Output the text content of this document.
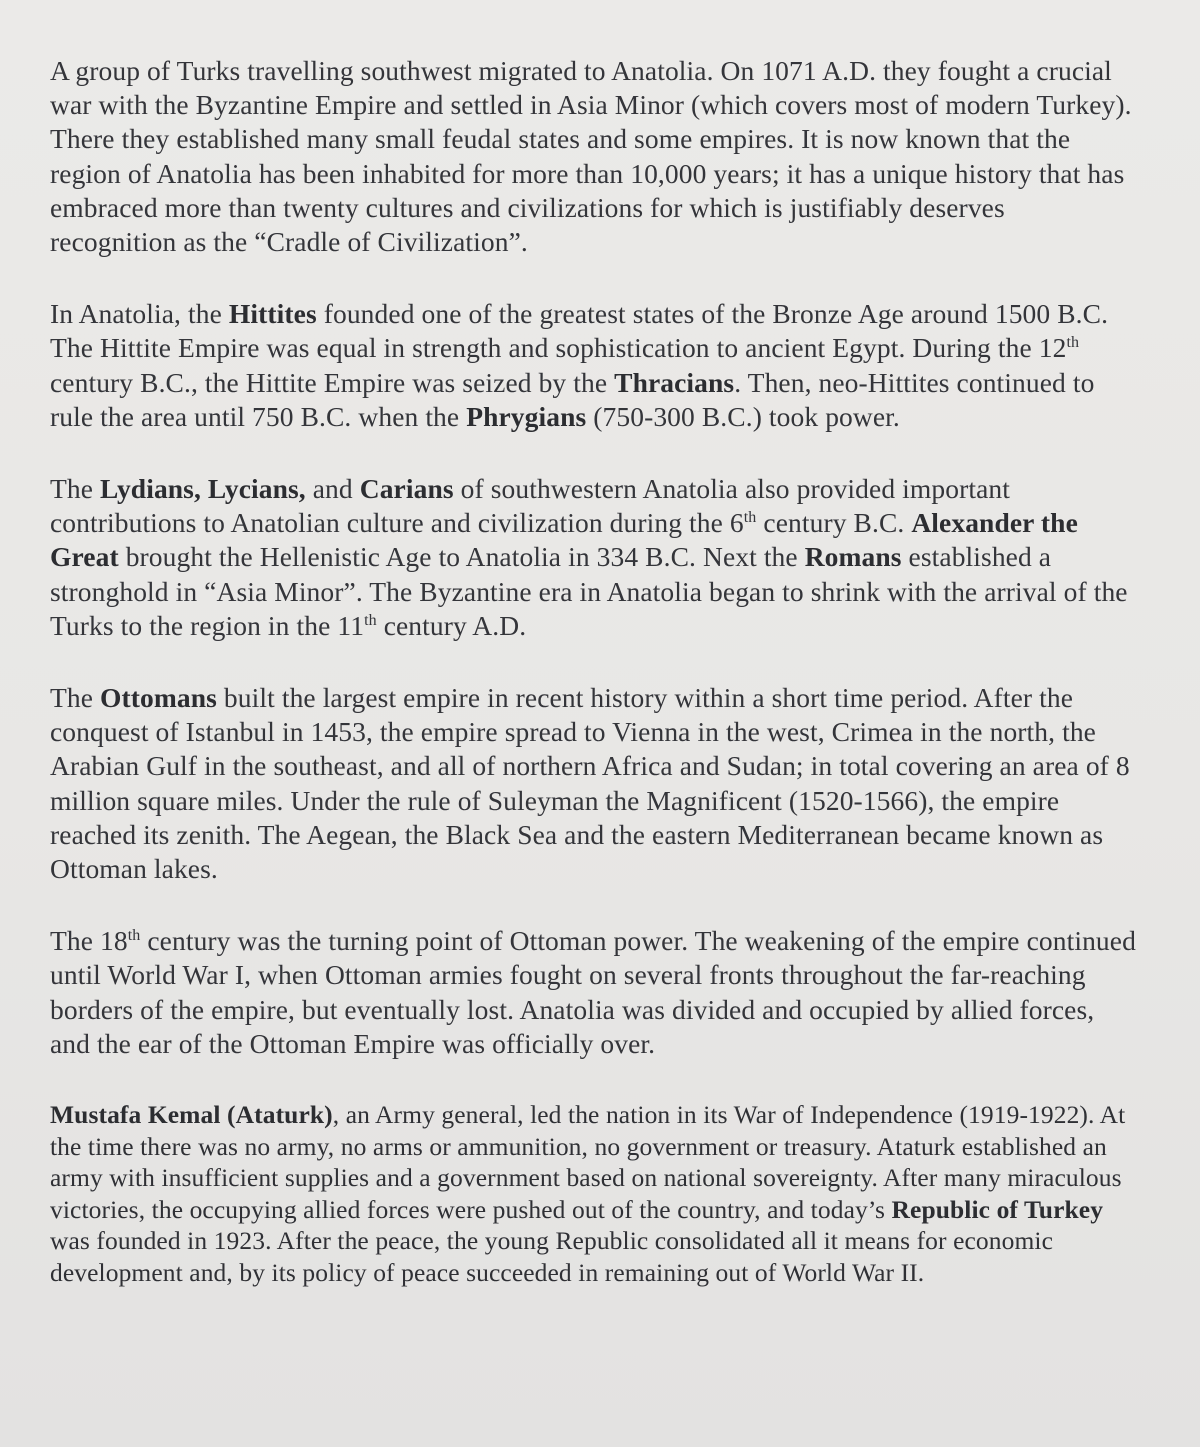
A group of Turks travelling southwest migrated to Anatolia. On 1071 A.D. they fought a crucial war with the Byzantine Empire and settled in Asia Minor (which covers most of modern Turkey). There they established many small feudal states and some empires. It is now known that the region of Anatolia has been inhabited for more than 10,000 years; it has a unique history that has embraced more than twenty cultures and civilizations for which is justifiably deserves recognition as the “Cradle of Civilization”.

In Anatolia, the Hittites founded one of the greatest states of the Bronze Age around 1500 B.C. The Hittite Empire was equal in strength and sophistication to ancient Egypt. During the 12th century B.C., the Hittite Empire was seized by the Thracians. Then, neo-Hittites continued to rule the area until 750 B.C. when the Phrygians (750-300 B.C.) took power.

The Lydians, Lycians, and Carians of southwestern Anatolia also provided important contributions to Anatolian culture and civilization during the 6th century B.C. Alexander the Great brought the Hellenistic Age to Anatolia in 334 B.C. Next the Romans established a stronghold in “Asia Minor”. The Byzantine era in Anatolia began to shrink with the arrival of the Turks to the region in the 11th century A.D.

The Ottomans built the largest empire in recent history within a short time period. After the conquest of Istanbul in 1453, the empire spread to Vienna in the west, Crimea in the north, the Arabian Gulf in the southeast, and all of northern Africa and Sudan; in total covering an area of 8 million square miles. Under the rule of Suleyman the Magnificent (1520-1566), the empire reached its zenith. The Aegean, the Black Sea and the eastern Mediterranean became known as Ottoman lakes.

The 18th century was the turning point of Ottoman power. The weakening of the empire continued until World War I, when Ottoman armies fought on several fronts throughout the far-reaching borders of the empire, but eventually lost. Anatolia was divided and occupied by allied forces, and the ear of the Ottoman Empire was officially over.

Mustafa Kemal (Ataturk), an Army general, led the nation in its War of Independence (1919-1922). At the time there was no army, no arms or ammunition, no government or treasury. Ataturk established an army with insufficient supplies and a government based on national sovereignty. After many miraculous victories, the occupying allied forces were pushed out of the country, and today’s Republic of Turkey was founded in 1923. After the peace, the young Republic consolidated all it means for economic development and, by its policy of peace succeeded in remaining out of World War II.
